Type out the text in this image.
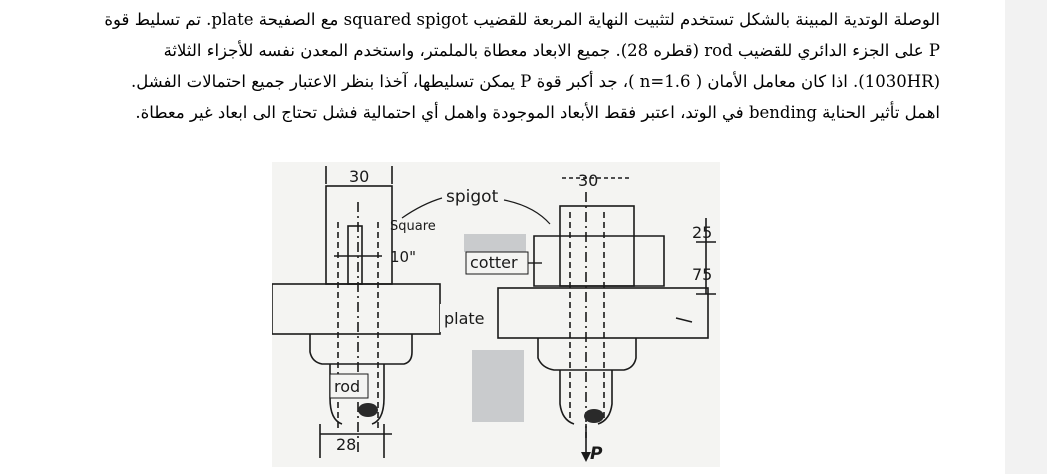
الوصلة الوتدية المبينة بالشكل تستخدم لتثبيت النهاية المربعة للقضيب squared spigot مع الصفيحة plate. تم تسليط قوة

P على الجزء الدائري للقضيب rod (قطره 28). جميع الابعاد معطاة بالملمتر، واستخدم المعدن نفسه للأجزاء الثلاثة

(1030HR). اذا كان معامل الأمان ( n=1.6 )، جد أكبر قوة P يمكن تسليطها، آخذا بنظر الاعتبار جميع احتمالات الفشل.

اهمل تأثير الحناية bending في الوتد، اعتبر فقط الأبعاد الموجودة واهمل أي احتمالية فشل تحتاج الى ابعاد غير معطاة.

30
Square
10"
rod
28
spigot
cotter
plate
30
25
75
P
